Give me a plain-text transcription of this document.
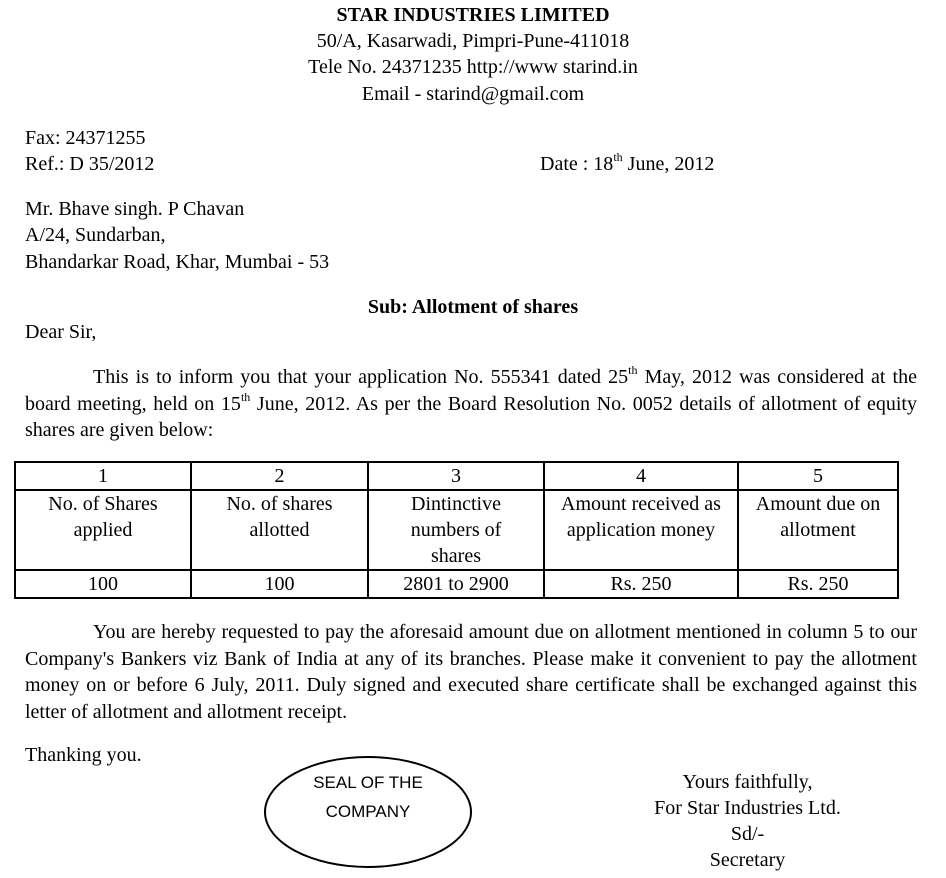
STAR INDUSTRIES LIMITED
50/A, Kasarwadi, Pimpri-Pune-411018
Tele No. 24371235 http://www starind.in
Email - starind@gmail.com
Fax: 24371255
Ref.: D 35/2012	Date : 18th June, 2012
Mr. Bhave singh. P Chavan
A/24, Sundarban,
Bhandarkar Road, Khar, Mumbai - 53
Sub: Allotment of shares
Dear Sir,
This is to inform you that your application No. 555341 dated 25th May, 2012 was considered at the board meeting, held on 15th June, 2012. As per the Board Resolution No. 0052 details of allotment of equity shares are given below:
1	2	3	4	5
No. of Shares applied	No. of shares allotted	Dintinctive numbers of shares	Amount received as application money	Amount due on allotment
100	100	2801 to 2900	Rs. 250	Rs. 250
You are hereby requested to pay the aforesaid amount due on allotment mentioned in column 5 to our Company's Bankers viz Bank of India at any of its branches. Please make it convenient to pay the allotment money on or before 6 July, 2011. Duly signed and executed share certificate shall be exchanged against this letter of allotment and allotment receipt.
Thanking you.
SEAL OF THE
COMPANY
Yours faithfully,
For Star Industries Ltd.
Sd/-
Secretary
